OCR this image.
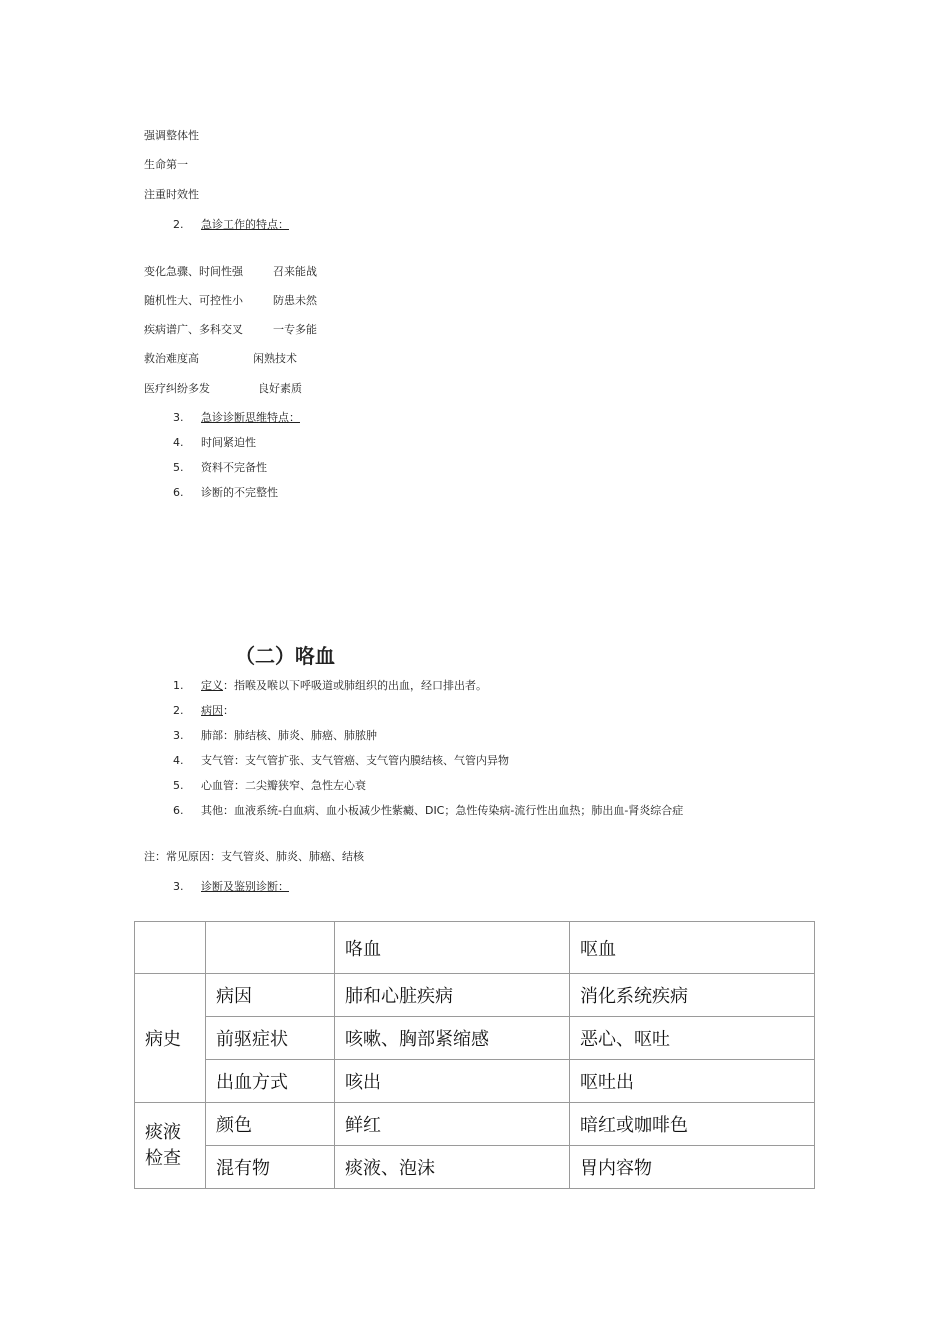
强调整体性
生命第一
注重时效性
2. 急诊工作的特点：
变化急骤、时间性强	召来能战
随机性大、可控性小	防患未然
疾病谱广、多科交叉	一专多能
救治难度高	闲熟技术
医疗纠纷多发	良好素质
3. 急诊诊断思维特点：
4. 时间紧迫性
5. 资料不完备性
6. 诊断的不完整性
（二）咯血
1. 定义：指喉及喉以下呼吸道或肺组织的出血，经口排出者。
2. 病因：
3. 肺部：肺结核、肺炎、肺癌、肺脓肿
4. 支气管：支气管扩张、支气管癌、支气管内膜结核、气管内异物
5. 心血管：二尖瓣狭窄、急性左心衰
6. 其他：血液系统-白血病、血小板减少性紫癜、DIC；急性传染病-流行性出血热；肺出血-肾炎综合症
注：常见原因：支气管炎、肺炎、肺癌、结核
3. 诊断及鉴别诊断：
		咯血	呕血
病史	病因	肺和心脏疾病	消化系统疾病
	前驱症状	咳嗽、胸部紧缩感	恶心、呕吐
	出血方式	咳出	呕吐出
痰液检查	颜色	鲜红	暗红或咖啡色
	混有物	痰液、泡沫	胃内容物
